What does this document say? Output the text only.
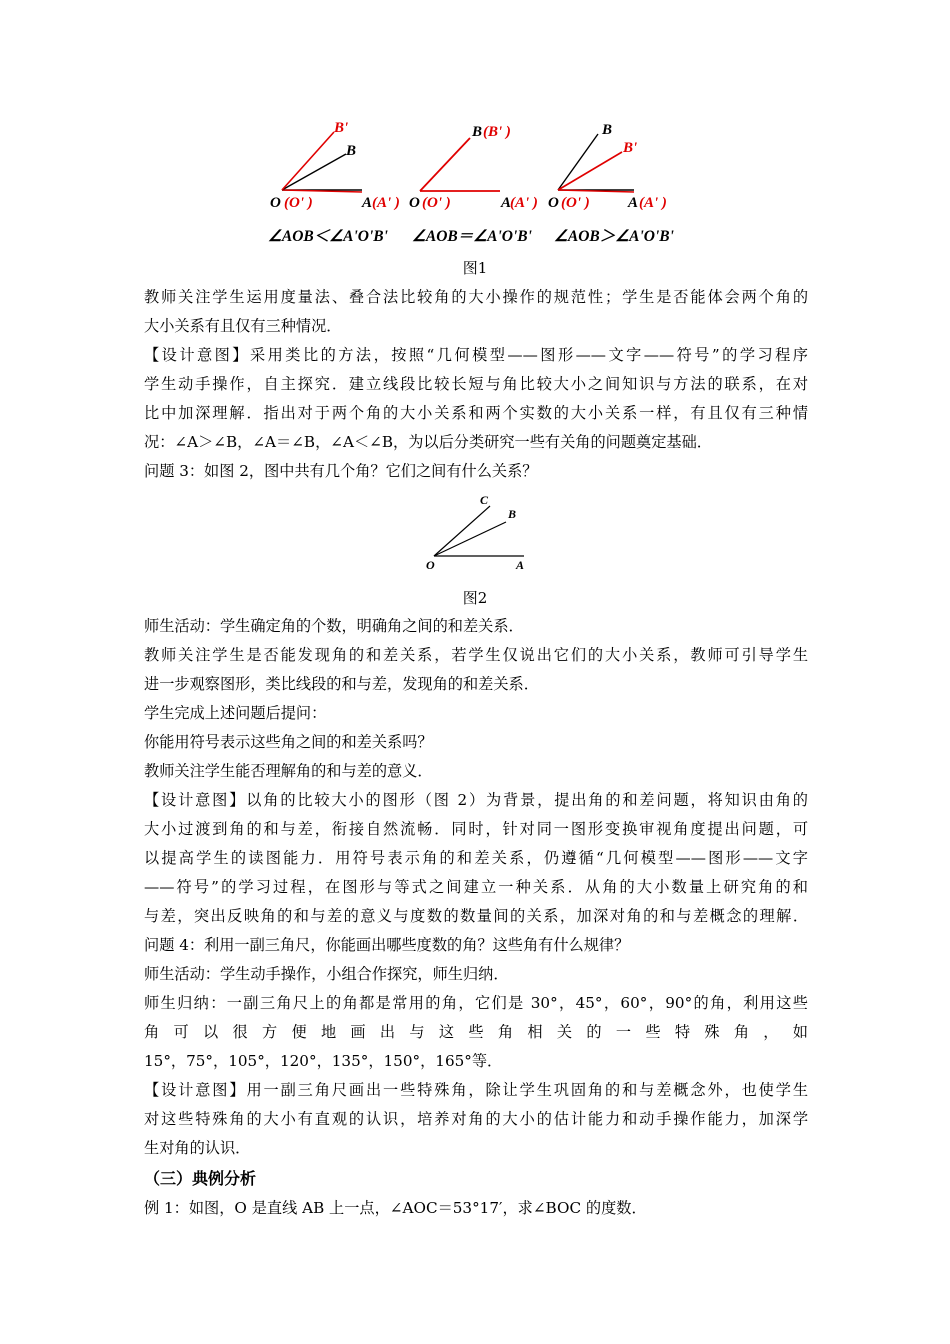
B'
B
O (O' )	A (A' )
B (B' )
O (O' )	A
(A' )
B
B'
O (O' )	A (A' )
∠AOB＜∠A'O'B' ∠AOB＝∠A'O'B' ∠AOB＞∠A'O'B'
图1

教师关注学生运用度量法、叠合法比较角的大小操作的规范性；学生是否能体会两个角的

大小关系有且仅有三种情况．

【设计意图】采用类比的方法，按照“几何模型——图形——文字——符号”的学习程序

学生动手操作，自主探究．建立线段比较长短与角比较大小之间知识与方法的联系，在对

比中加深理解．指出对于两个角的大小关系和两个实数的大小关系一样，有且仅有三种情

况：∠A＞∠B，∠A＝∠B，∠A＜∠B，为以后分类研究一些有关角的问题奠定基础．

问题 3：如图 2，图中共有几个角？它们之间有什么关系？

C
B
O	A
图2

师生活动：学生确定角的个数，明确角之间的和差关系．

教师关注学生是否能发现角的和差关系，若学生仅说出它们的大小关系，教师可引导学生

进一步观察图形，类比线段的和与差，发现角的和差关系．

学生完成上述问题后提问：

你能用符号表示这些角之间的和差关系吗？

教师关注学生能否理解角的和与差的意义．

【设计意图】以角的比较大小的图形（图 2）为背景，提出角的和差问题，将知识由角的

大小过渡到角的和与差，衔接自然流畅．同时，针对同一图形变换审视角度提出问题，可

以提高学生的读图能力．用符号表示角的和差关系，仍遵循“几何模型——图形——文字

——符号”的学习过程，在图形与等式之间建立一种关系．从角的大小数量上研究角的和

与差，突出反映角的和与差的意义与度数的数量间的关系，加深对角的和与差概念的理解．

问题 4：利用一副三角尺，你能画出哪些度数的角？这些角有什么规律？

师生活动：学生动手操作，小组合作探究，师生归纳．

师生归纳：一副三角尺上的角都是常用的角，它们是 30°，45°，60°，90°的角，利用这些

角 可 以 很 方 便 地 画 出 与 这 些 角 相 关 的 一 些 特 殊 角 ， 如

15°，75°，105°，120°，135°，150°，165°等．

【设计意图】用一副三角尺画出一些特殊角，除让学生巩固角的和与差概念外，也使学生

对这些特殊角的大小有直观的认识，培养对角的大小的估计能力和动手操作能力，加深学

生对角的认识．

（三）典例分析

例 1：如图，O 是直线 AB 上一点，∠AOC＝53°17′，求∠BOC 的度数．
